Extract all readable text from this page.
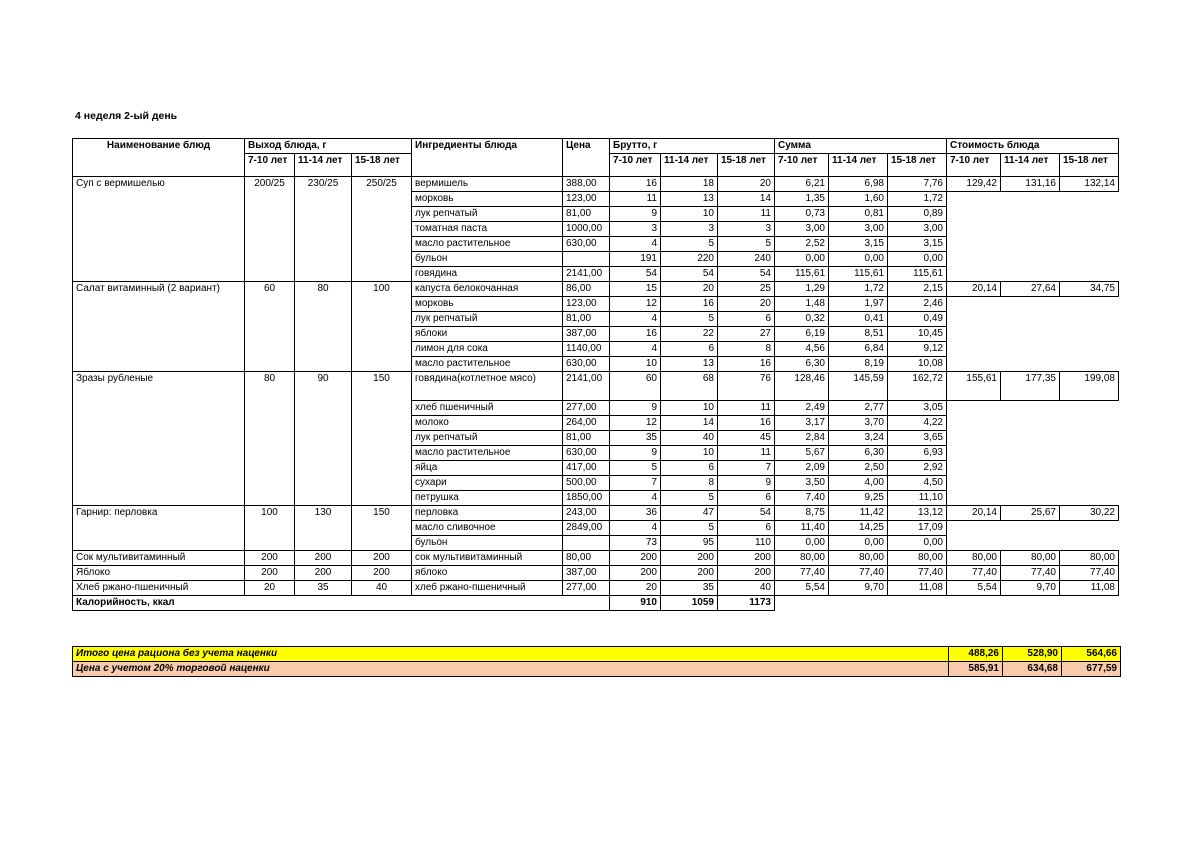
4 неделя 2-ый день
Наименование блюд	Выход блюда, г			Ингредиенты блюда	Цена	Брутто, г			Сумма			Стоимость блюда		
	7-10 лет	11-14 лет	15-18 лет			7-10 лет	11-14 лет	15-18 лет	7-10 лет	11-14 лет	15-18 лет	7-10 лет	11-14 лет	15-18 лет
Суп с вермишелью	200/25	230/25	250/25	вермишель	388,00	16	18	20	6,21	6,98	7,76	129,42	131,16	132,14
				морковь	123,00	11	13	14	1,35	1,60	1,72			
				лук репчатый	81,00	9	10	11	0,73	0,81	0,89			
				томатная паста	1000,00	3	3	3	3,00	3,00	3,00			
				масло растительное	630,00	4	5	5	2,52	3,15	3,15			
				бульон		191	220	240	0,00	0,00	0,00			
				говядина	2141,00	54	54	54	115,61	115,61	115,61			
Салат витаминный (2 вариант)	60	80	100	капуста белокочанная	86,00	15	20	25	1,29	1,72	2,15	20,14	27,64	34,75
				морковь	123,00	12	16	20	1,48	1,97	2,46			
				лук репчатый	81,00	4	5	6	0,32	0,41	0,49			
				яблоки	387,00	16	22	27	6,19	8,51	10,45			
				лимон для сока	1140,00	4	6	8	4,56	6,84	9,12			
				масло растительное	630,00	10	13	16	6,30	8,19	10,08			
Зразы рубленые	80	90	150	говядина(котлетное мясо)	2141,00	60	68	76	128,46	145,59	162,72	155,61	177,35	199,08
				хлеб пшеничный	277,00	9	10	11	2,49	2,77	3,05			
				молоко	264,00	12	14	16	3,17	3,70	4,22			
				лук репчатый	81,00	35	40	45	2,84	3,24	3,65			
				масло растительное	630,00	9	10	11	5,67	6,30	6,93			
				яйца	417,00	5	6	7	2,09	2,50	2,92			
				сухари	500,00	7	8	9	3,50	4,00	4,50			
				петрушка	1850,00	4	5	6	7,40	9,25	11,10			
Гарнир: перловка	100	130	150	перловка	243,00	36	47	54	8,75	11,42	13,12	20,14	25,67	30,22
				масло сливочное	2849,00	4	5	6	11,40	14,25	17,09			
				бульон		73	95	110	0,00	0,00	0,00			
Сок мультивитаминный	200	200	200	сок мультивитаминный	80,00	200	200	200	80,00	80,00	80,00	80,00	80,00	80,00
Яблоко	200	200	200	яблоко	387,00	200	200	200	77,40	77,40	77,40	77,40	77,40	77,40
Хлеб ржано-пшеничный	20	35	40	хлеб ржано-пшеничный	277,00	20	35	40	5,54	9,70	11,08	5,54	9,70	11,08
Калорийность, ккал						910	1059	1173						
Итого цена рациона без учета наценки	488,26	528,90	564,66
Цена с учетом 20% торговой наценки	585,91	634,68	677,59
